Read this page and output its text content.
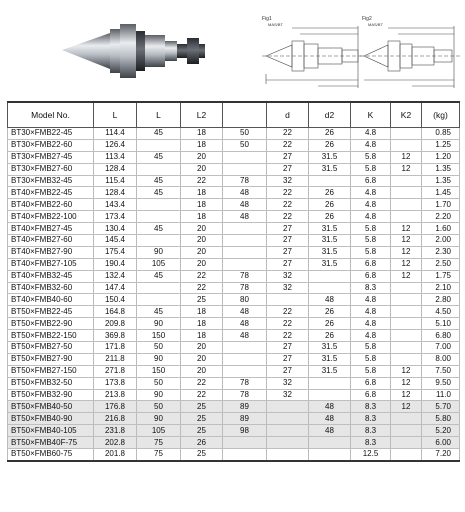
Fig1
MAS/BT
Fig2
MAS/BT
Model No.	L	L	L2		d	d2	K	K2	(kg)
BT30×FMB22-45	114.4	45	18	50	22	26	4.8		0.85
BT30×FMB22-60	126.4		18	50	22	26	4.8		1.25
BT30×FMB27-45	113.4	45	20		27	31.5	5.8	12	1.20
BT30×FMB27-60	128.4		20		27	31.5	5.8	12	1.35
BT30×FMB32-45	115.4	45	22	78	32		6.8		1.35
BT40×FMB22-45	128.4	45	18	48	22	26	4.8		1.45
BT40×FMB22-60	143.4		18	48	22	26	4.8		1.70
BT40×FMB22-100	173.4		18	48	22	26	4.8		2.20
BT40×FMB27-45	130.4	45	20		27	31.5	5.8	12	1.60
BT40×FMB27-60	145.4		20		27	31.5	5.8	12	2.00
BT40×FMB27-90	175.4	90	20		27	31.5	5.8	12	2.30
BT40×FMB27-105	190.4	105	20		27	31.5	6.8	12	2.50
BT40×FMB32-45	132.4	45	22	78	32		6.8	12	1.75
BT40×FMB32-60	147.4		22	78	32		8.3		2.10
BT40×FMB40-60	150.4		25	80		48	4.8		2.80
BT50×FMB22-45	164.8	45	18	48	22	26	4.8		4.50
BT50×FMB22-90	209.8	90	18	48	22	26	4.8		5.10
BT50×FMB22-150	369.8	150	18	48	22	26	4.8		6.80
BT50×FMB27-50	171.8	50	20		27	31.5	5.8		7.00
BT50×FMB27-90	211.8	90	20		27	31.5	5.8		8.00
BT50×FMB27-150	271.8	150	20		27	31.5	5.8	12	7.50
BT50×FMB32-50	173.8	50	22	78	32		6.8	12	9.50
BT50×FMB32-90	213.8	90	22	78	32		6.8	12	11.0
BT50×FMB40-50	176.8	50	25	89		48	8.3	12	5.70
BT50×FMB40-90	216.8	90	25	89		48	8.3		5.80
BT50×FMB40-105	231.8	105	25	98		48	8.3		5.20
BT50×FMB40F-75	202.8	75	26				8.3		6.00
BT50×FMB60-75	201.8	75	25				12.5		7.20
